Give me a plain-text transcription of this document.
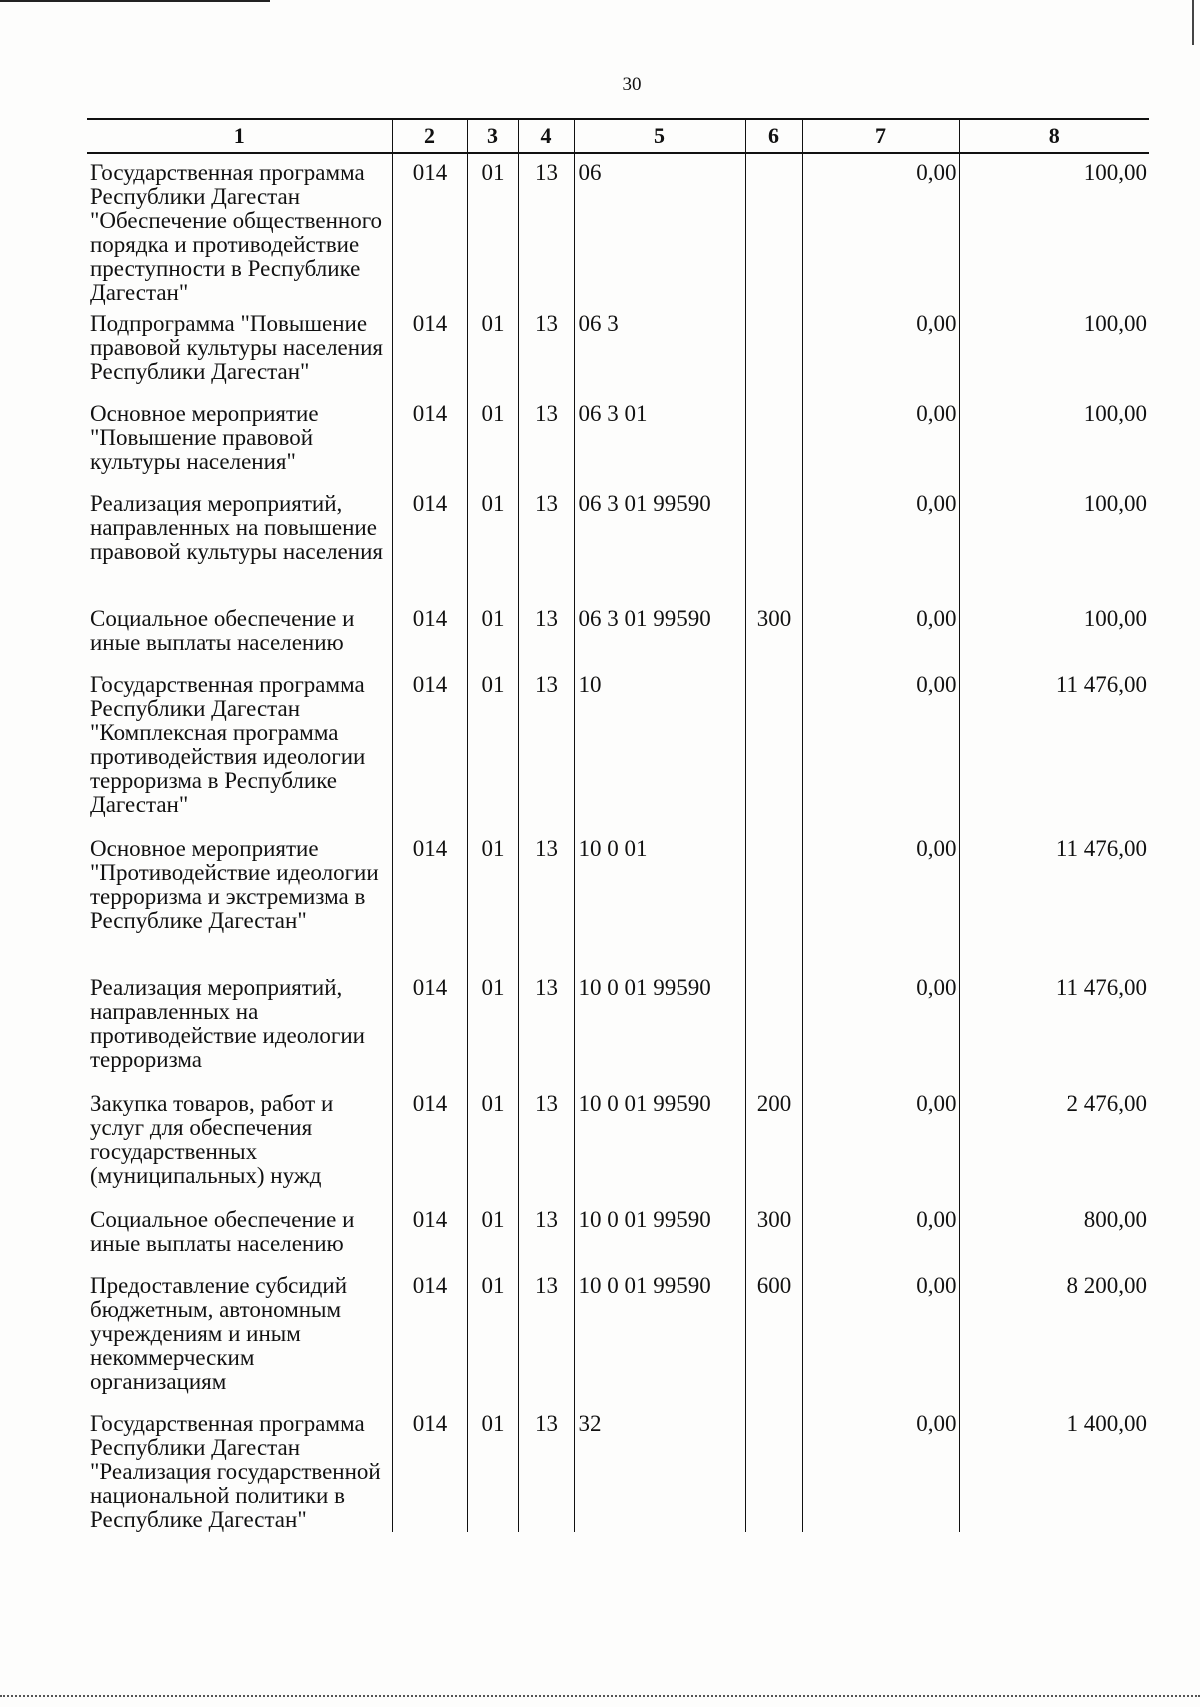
30
1	2	3	4	5	6	7	8
Государственная программа Республики Дагестан "Обеспечение общественного порядка и противодействие преступности в Республике Дагестан"	014	01	13	06		0,00	100,00
Подпрограмма "Повышение правовой культуры населения Республики Дагестан"	014	01	13	06 3		0,00	100,00
Основное мероприятие "Повышение правовой культуры населения"	014	01	13	06 3 01		0,00	100,00
Реализация мероприятий, направленных на повышение правовой культуры населения	014	01	13	06 3 01 99590		0,00	100,00
Социальное обеспечение и иные выплаты населению	014	01	13	06 3 01 99590	300	0,00	100,00
Государственная программа Республики Дагестан "Комплексная программа противодействия идеологии терроризма в Республике Дагестан"	014	01	13	10		0,00	11 476,00
Основное мероприятие "Противодействие идеологии терроризма и экстремизма в Республике Дагестан"	014	01	13	10 0 01		0,00	11 476,00
Реализация мероприятий, направленных на противодействие идеологии терроризма	014	01	13	10 0 01 99590		0,00	11 476,00
Закупка товаров, работ и услуг для обеспечения государственных (муниципальных) нужд	014	01	13	10 0 01 99590	200	0,00	2 476,00
Социальное обеспечение и иные выплаты населению	014	01	13	10 0 01 99590	300	0,00	800,00
Предоставление субсидий бюджетным, автономным учреждениям и иным некоммерческим организациям	014	01	13	10 0 01 99590	600	0,00	8 200,00
Государственная программа Республики Дагестан "Реализация государственной национальной политики в Республике Дагестан"	014	01	13	32		0,00	1 400,00
